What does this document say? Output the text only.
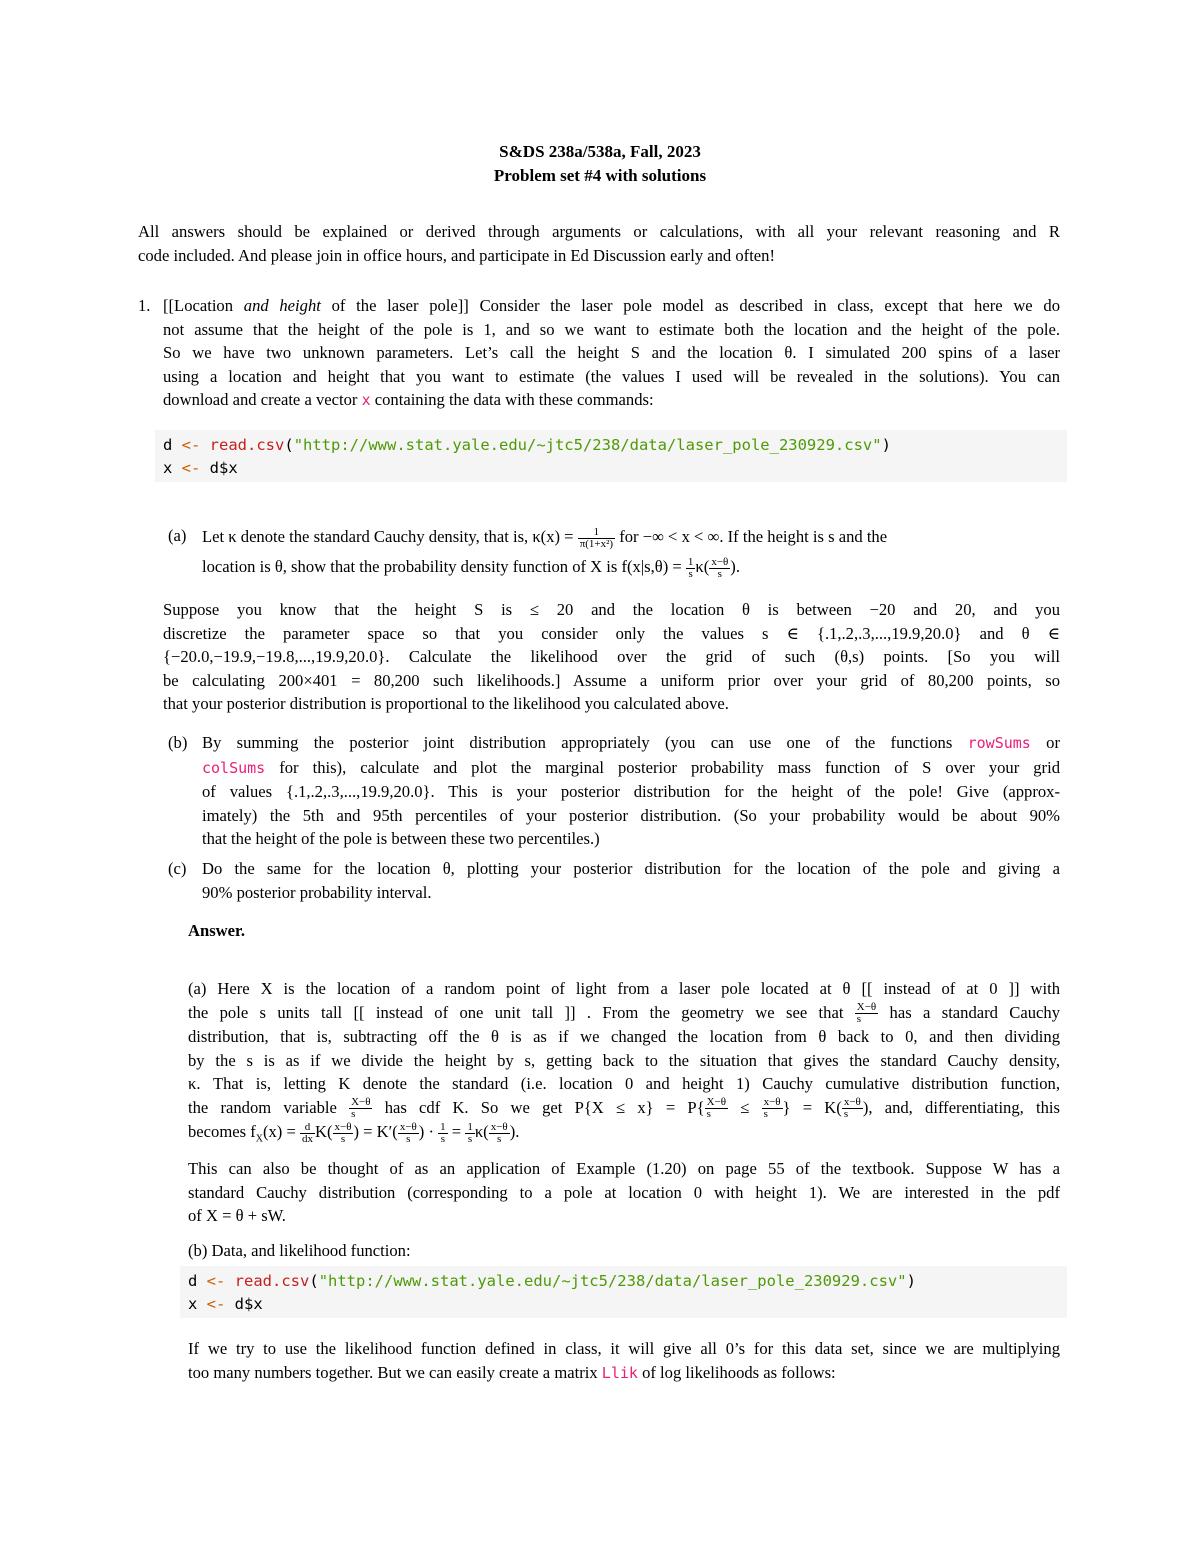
S&DS 238a/538a, Fall, 2023
Problem set #4 with solutions
All answers should be explained or derived through arguments or calculations, with all your relevant reasoning and R
code included. And please join in office hours, and participate in Ed Discussion early and often!
1. [[Location and height of the laser pole]] Consider the laser pole model as described in class, except that here we do
not assume that the height of the pole is 1, and so we want to estimate both the location and the height of the pole.
So we have two unknown parameters. Let’s call the height S and the location θ. I simulated 200 spins of a laser
using a location and height that you want to estimate (the values I used will be revealed in the solutions). You can
download and create a vector x containing the data with these commands:
d <- read.csv("http://www.stat.yale.edu/~jtc5/238/data/laser_pole_230929.csv")
x <- d$x
(a) Let κ denote the standard Cauchy density, that is, $\kappa(x) = \frac{1}{\text{π(1+x²)}}$ for −∞ < x < ∞. If the height is s and the
location is θ, show that the probability density function of X is $f(x|s,\theta) = \frac{1}{s} \kappa( \frac{x-\theta}{s}$ ).
Suppose you know that the height S is ≤ 20 and the location θ is between −20 and 20, and you
discretize the parameter space so that you consider only the values s ∈ {.1,.2,.3,...,19.9,20.0} and θ ∈
{−20.0,−19.9,−19.8,...,19.9,20.0}. Calculate the likelihood over the grid of such (θ,s) points. [So you will
be calculating 200×401 = 80,200 such likelihoods.] Assume a uniform prior over your grid of 80,200 points, so
that your posterior distribution is proportional to the likelihood you calculated above.
(b) By summing the posterior joint distribution appropriately (you can use one of the functions rowSums or
colSums for this), calculate and plot the marginal posterior probability mass function of S over your grid
of values {.1,.2,.3,...,19.9,20.0}. This is your posterior distribution for the height of the pole! Give (approx-
imately) the 5th and 95th percentiles of your posterior distribution. (So your probability would be about 90%
that the height of the pole is between these two percentiles.)
(c) Do the same for the location θ, plotting your posterior distribution for the location of the pole and giving a
90% posterior probability interval.
Answer.
(a) Here X is the location of a random point of light from a laser pole located at θ [[ instead of at 0 ]] with
the pole s units tall [[ instead of one unit tall ]] . From the geometry we see that $\frac{X-\theta}{s}$ has a standard Cauchy
distribution, that is, subtracting off the θ is as if we changed the location from θ back to 0, and then dividing
by the s is as if we divide the height by s, getting back to the situation that gives the standard Cauchy density,
κ. That is, letting K denote the standard (i.e. location 0 and height 1) Cauchy cumulative distribution function,
the random variable $\frac{X-\theta}{s}$ has cdf K. So we get $P\{X \le x\} = P\{ \frac{X-\theta}{s} \le \frac{x-\theta}{s}$ } = $K( \frac{x-\theta}{s}$ ), and, differentiating, this
becomes $f_X(x) = \frac{d}{dx} K( \frac{x-\theta}{s}$ ) = $K'( \frac{x-\theta}{s}$ ) · $\frac{1}{s} = \frac{1}{s} \kappa( \frac{x-\theta}{s}$ ).
This can also be thought of as an application of Example (1.20) on page 55 of the textbook. Suppose W has a
standard Cauchy distribution (corresponding to a pole at location 0 with height 1). We are interested in the pdf
of X = θ + sW.
(b) Data, and likelihood function:
d <- read.csv("http://www.stat.yale.edu/~jtc5/238/data/laser_pole_230929.csv")
x <- d$x
If we try to use the likelihood function defined in class, it will give all 0’s for this data set, since we are multiplying
too many numbers together. But we can easily create a matrix Llik of log likelihoods as follows:
